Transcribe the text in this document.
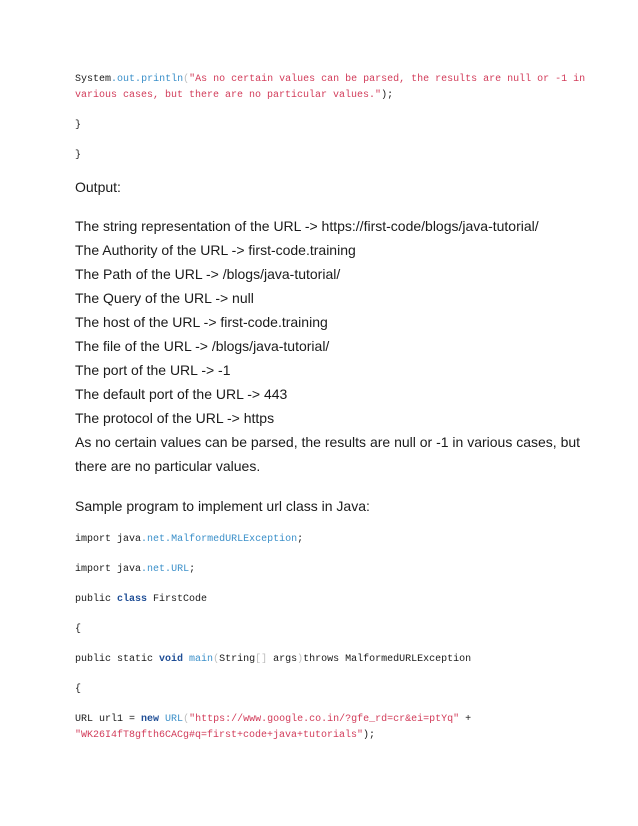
System.out.println("As no certain values can be parsed, the results are null or -1 in
various cases, but there are no particular values.");
}
}
Output:
The string representation of the URL -> https://first-code/blogs/java-tutorial/
The Authority of the URL -> first-code.training
The Path of the URL -> /blogs/java-tutorial/
The Query of the URL -> null
The host of the URL -> first-code.training
The file of the URL -> /blogs/java-tutorial/
The port of the URL -> -1
The default port of the URL -> 443
The protocol of the URL -> https
As no certain values can be parsed, the results are null or -1 in various cases, but
there are no particular values.
Sample program to implement url class in Java:
import java.net.MalformedURLException;
import java.net.URL;
public class FirstCode
{
public static void main(String[] args)throws MalformedURLException
{
URL url1 = new URL("https://www.google.co.in/?gfe_rd=cr&ei=ptYq" +
"WK26I4fT8gfth6CACg#q=first+code+java+tutorials");
